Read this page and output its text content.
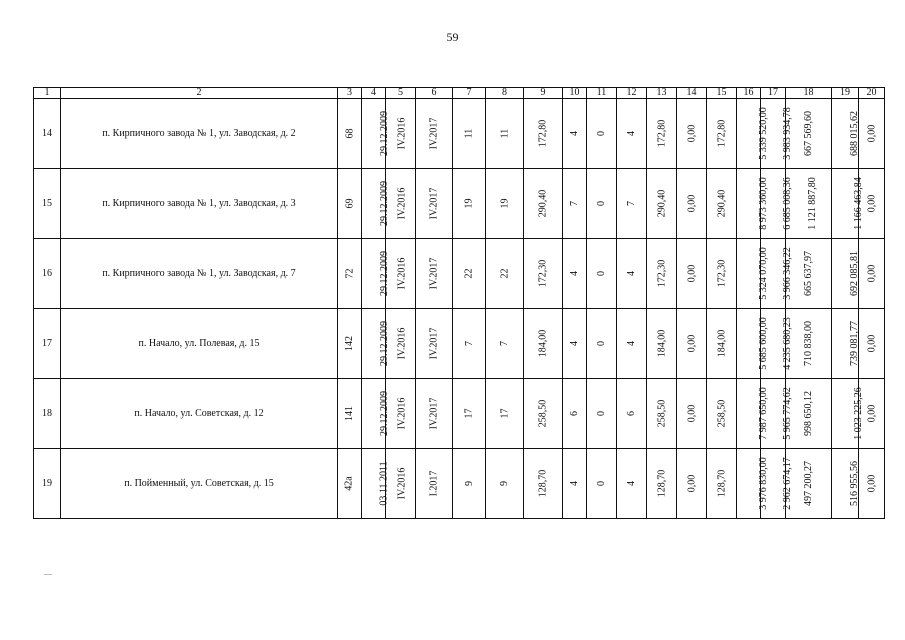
59
1	2	3	4	5	6	7	8	9	10	11	12	13	14	15	16	17	18	19	20
14	п. Кирпичного завода № 1, ул. Заводская, д. 2	68	29.12.2009	IV.2016	IV.2017	11	11	172,80	4	0	4	172,80	0,00	172,80	5 339 520,00	3 983 934,78	667 569,60	688 015,62	0,00
15	п. Кирпичного завода № 1, ул. Заводская, д. 3	69	29.12.2009	IV.2016	IV.2017	19	19	290,40	7	0	7	290,40	0,00	290,40	8 973 360,00	6 685 008,36	1 121 887,80	1 166 463,84	0,00
16	п. Кирпичного завода № 1, ул. Заводская, д. 7	72	29.12.2009	IV.2016	IV.2017	22	22	172,30	4	0	4	172,30	0,00	172,30	5 324 070,00	3 966 346,22	665 637,97	692 085,81	0,00
17	п. Начало, ул. Полевая, д. 15	142	29.12.2009	IV.2016	IV.2017	7	7	184,00	4	0	4	184,00	0,00	184,00	5 685 600,00	4 235 680,23	710 838,00	739 081,77	0,00
18	п. Начало, ул. Советская, д. 12	141	29.12.2009	IV.2016	IV.2017	17	17	258,50	6	0	6	258,50	0,00	258,50	7 987 650,00	5 965 774,62	998 650,12	1 023 225,26	0,00
19	п. Пойменный, ул. Советская, д. 15	42а	03.11.2011	IV.2016	I.2017	9	9	128,70	4	0	4	128,70	0,00	128,70	3 976 830,00	2 962 674,17	497 200,27	516 955,56	0,00
